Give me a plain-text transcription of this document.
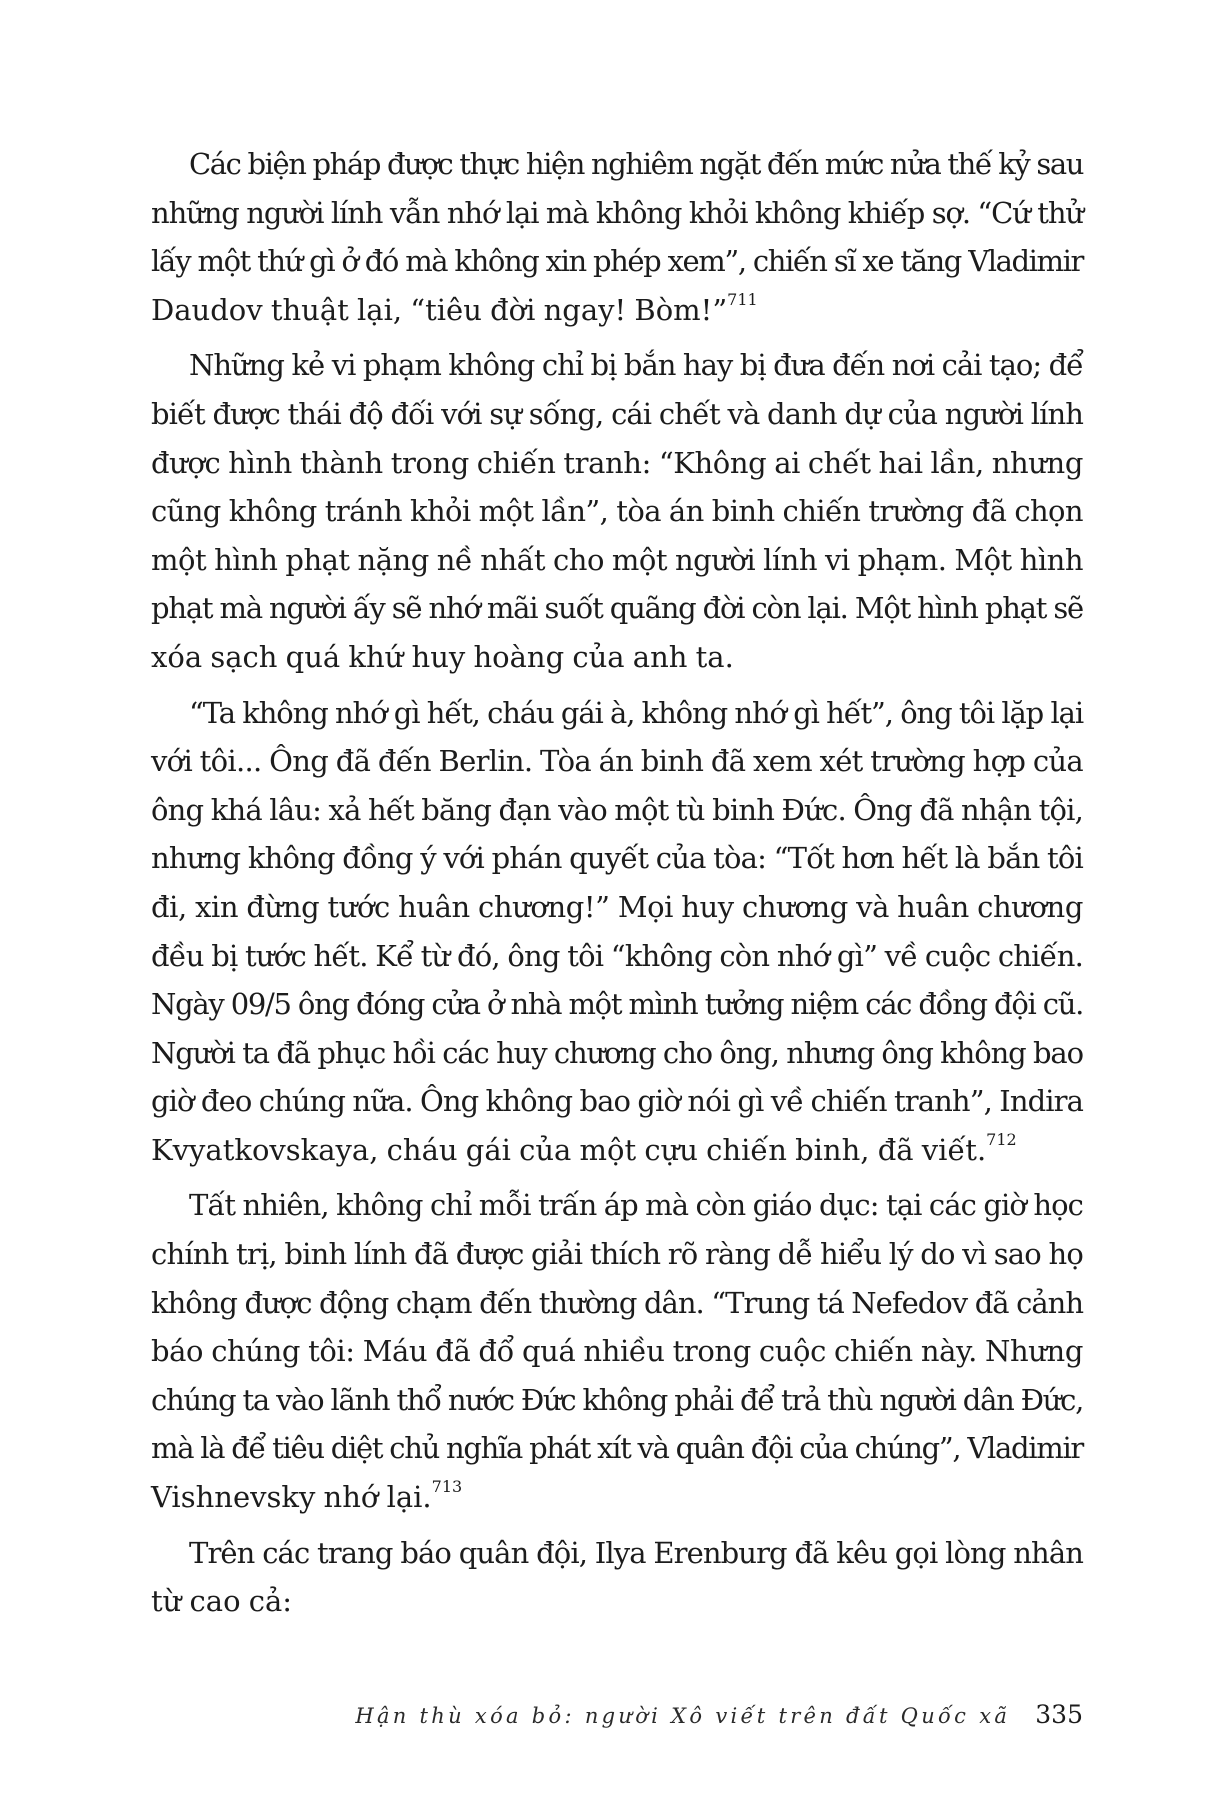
Các biện pháp được thực hiện nghiêm ngặt đến mức nửa thế kỷ sau
những người lính vẫn nhớ lại mà không khỏi không khiếp sợ. “Cứ thử
lấy một thứ gì ở đó mà không xin phép xem”, chiến sĩ xe tăng Vladimir
Daudov thuật lại, “tiêu đời ngay! Bòm!”$^{711}$

Những kẻ vi phạm không chỉ bị bắn hay bị đưa đến nơi cải tạo; để
biết được thái độ đối với sự sống, cái chết và danh dự của người lính
được hình thành trong chiến tranh: “Không ai chết hai lần, nhưng
cũng không tránh khỏi một lần”, tòa án binh chiến trường đã chọn
một hình phạt nặng nề nhất cho một người lính vi phạm. Một hình
phạt mà người ấy sẽ nhớ mãi suốt quãng đời còn lại. Một hình phạt sẽ
xóa sạch quá khứ huy hoàng của anh ta.

“Ta không nhớ gì hết, cháu gái à, không nhớ gì hết”, ông tôi lặp lại
với tôi... Ông đã đến Berlin. Tòa án binh đã xem xét trường hợp của
ông khá lâu: xả hết băng đạn vào một tù binh Đức. Ông đã nhận tội,
nhưng không đồng ý với phán quyết của tòa: “Tốt hơn hết là bắn tôi
đi, xin đừng tước huân chương!” Mọi huy chương và huân chương
đều bị tước hết. Kể từ đó, ông tôi “không còn nhớ gì” về cuộc chiến.
Ngày 09/5 ông đóng cửa ở nhà một mình tưởng niệm các đồng đội cũ.
Người ta đã phục hồi các huy chương cho ông, nhưng ông không bao
giờ đeo chúng nữa. Ông không bao giờ nói gì về chiến tranh”, Indira
Kvyatkovskaya, cháu gái của một cựu chiến binh, đã viết.$^{712}$

Tất nhiên, không chỉ mỗi trấn áp mà còn giáo dục: tại các giờ học
chính trị, binh lính đã được giải thích rõ ràng dễ hiểu lý do vì sao họ
không được động chạm đến thường dân. “Trung tá Nefedov đã cảnh
báo chúng tôi: Máu đã đổ quá nhiều trong cuộc chiến này. Nhưng
chúng ta vào lãnh thổ nước Đức không phải để trả thù người dân Đức,
mà là để tiêu diệt chủ nghĩa phát xít và quân đội của chúng”, Vladimir
Vishnevsky nhớ lại.$^{713}$

Trên các trang báo quân đội, Ilya Erenburg đã kêu gọi lòng nhân
từ cao cả:

Hận thù xóa bỏ: người Xô viết trên đất Quốc xã 335
